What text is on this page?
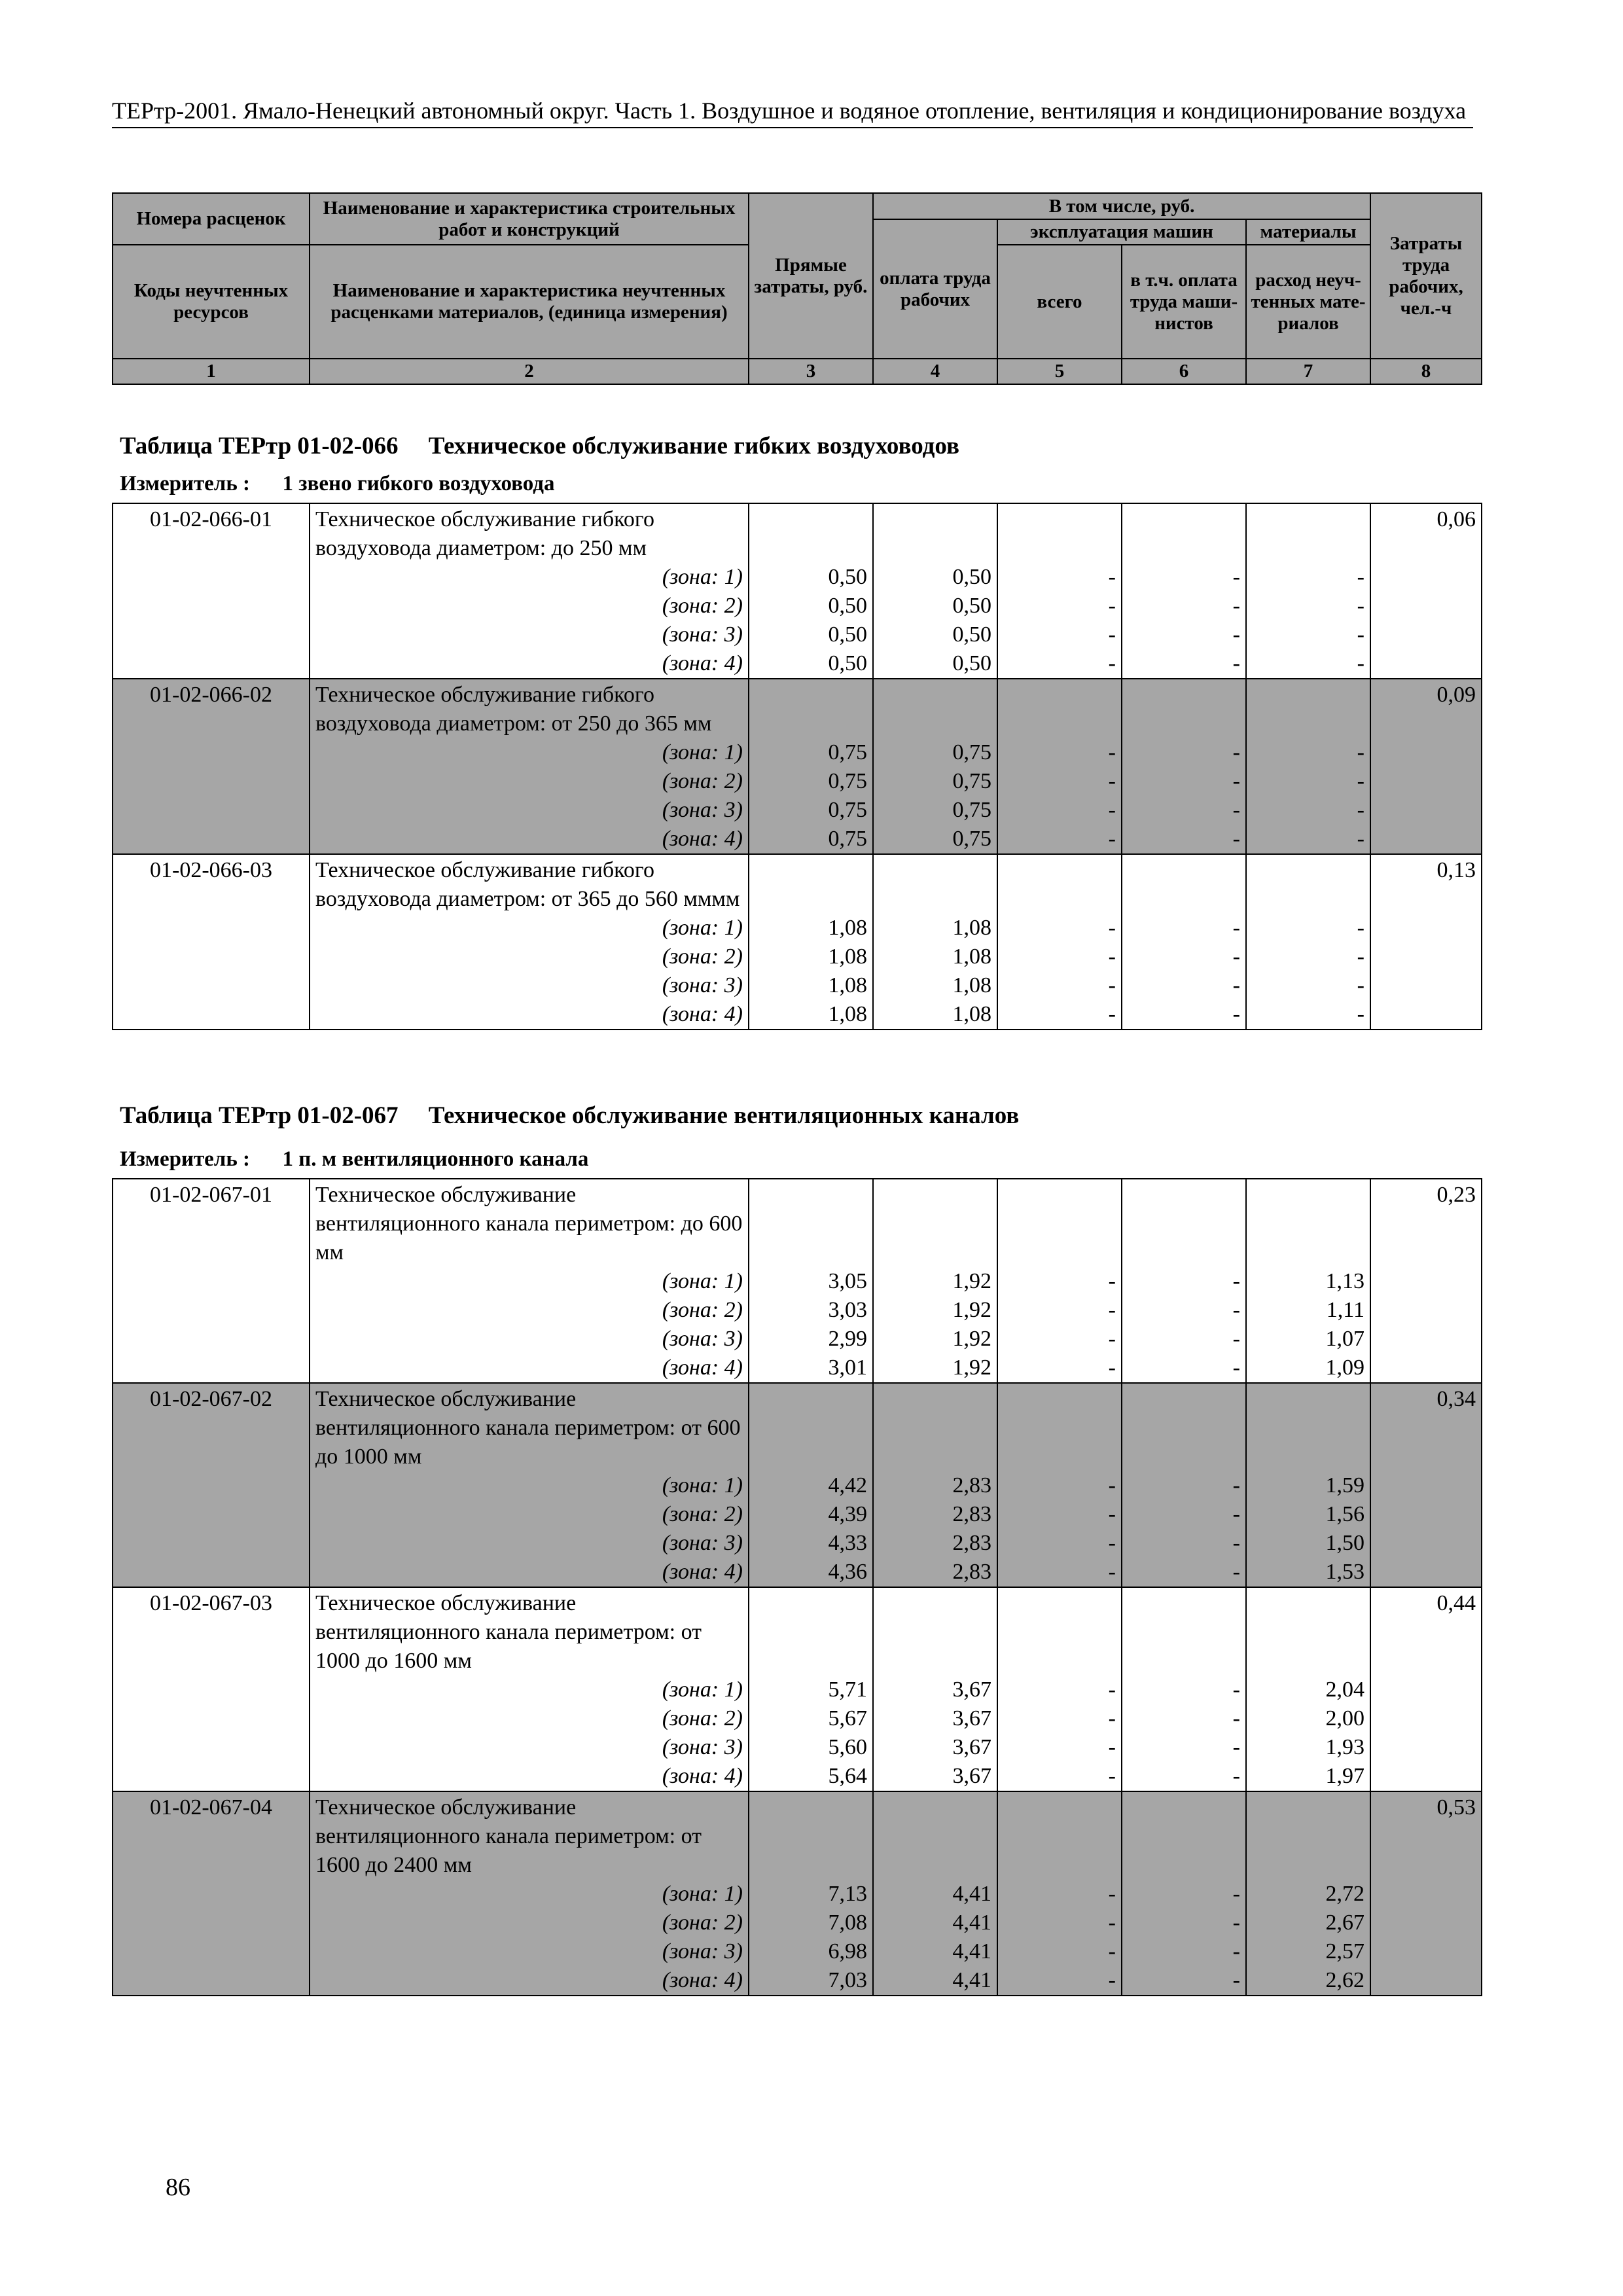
ТЕРтр-2001. Ямало-Ненецкий автономный округ. Часть 1. Воздушное и водяное отопление, вентиляция и кондиционирование воздуха
Номера расценок	Наименование и характеристика строительных работ и конструкций	Прямые затраты, руб.	В том числе, руб.				Затраты труда рабочих, чел.-ч
			оплата труда рабочих	эксплуатация машин		материалы	
Коды неучтенных ресурсов	Наименование и характеристика неучтенных расценками материалов, (единица измерения)			всего	в т.ч. оплата труда маши-нистов	расход неуч-тенных мате-риалов	

1	2	3	4	5	6	7	8
Таблица ТЕРтр 01-02-066     Техническое обслуживание гибких воздуховодов
Измеритель :      1 звено гибкого воздуховода
01-02-066-01	Техническое обслуживание гибкого воздуховода диаметром: до 250 мм						0,06
	(зона: 1)	0,50	0,50	-	-	-	
	(зона: 2)	0,50	0,50	-	-	-	
	(зона: 3)	0,50	0,50	-	-	-	
	(зона: 4)	0,50	0,50	-	-	-	
01-02-066-02	Техническое обслуживание гибкого воздуховода диаметром: от 250 до 365 мм						0,09
	(зона: 1)	0,75	0,75	-	-	-	
	(зона: 2)	0,75	0,75	-	-	-	
	(зона: 3)	0,75	0,75	-	-	-	
	(зона: 4)	0,75	0,75	-	-	-	
01-02-066-03	Техническое обслуживание гибкого воздуховода диаметром: от 365 до 560 мммм						0,13
	(зона: 1)	1,08	1,08	-	-	-	
	(зона: 2)	1,08	1,08	-	-	-	
	(зона: 3)	1,08	1,08	-	-	-	
	(зона: 4)	1,08	1,08	-	-	-	
Таблица ТЕРтр 01-02-067     Техническое обслуживание вентиляционных каналов
Измеритель :      1 п. м вентиляционного канала
01-02-067-01	Техническое обслуживание вентиляционного канала периметром: до 600 мм						0,23
	(зона: 1)	3,05	1,92	-	-	1,13	
	(зона: 2)	3,03	1,92	-	-	1,11	
	(зона: 3)	2,99	1,92	-	-	1,07	
	(зона: 4)	3,01	1,92	-	-	1,09	
01-02-067-02	Техническое обслуживание вентиляционного канала периметром: от 600 до 1000 мм						0,34
	(зона: 1)	4,42	2,83	-	-	1,59	
	(зона: 2)	4,39	2,83	-	-	1,56	
	(зона: 3)	4,33	2,83	-	-	1,50	
	(зона: 4)	4,36	2,83	-	-	1,53	
01-02-067-03	Техническое обслуживание вентиляционного канала периметром: от 1000 до 1600 мм						0,44
	(зона: 1)	5,71	3,67	-	-	2,04	
	(зона: 2)	5,67	3,67	-	-	2,00	
	(зона: 3)	5,60	3,67	-	-	1,93	
	(зона: 4)	5,64	3,67	-	-	1,97	
01-02-067-04	Техническое обслуживание вентиляционного канала периметром: от 1600 до 2400 мм						0,53
	(зона: 1)	7,13	4,41	-	-	2,72	
	(зона: 2)	7,08	4,41	-	-	2,67	
	(зона: 3)	6,98	4,41	-	-	2,57	
	(зона: 4)	7,03	4,41	-	-	2,62	
86
